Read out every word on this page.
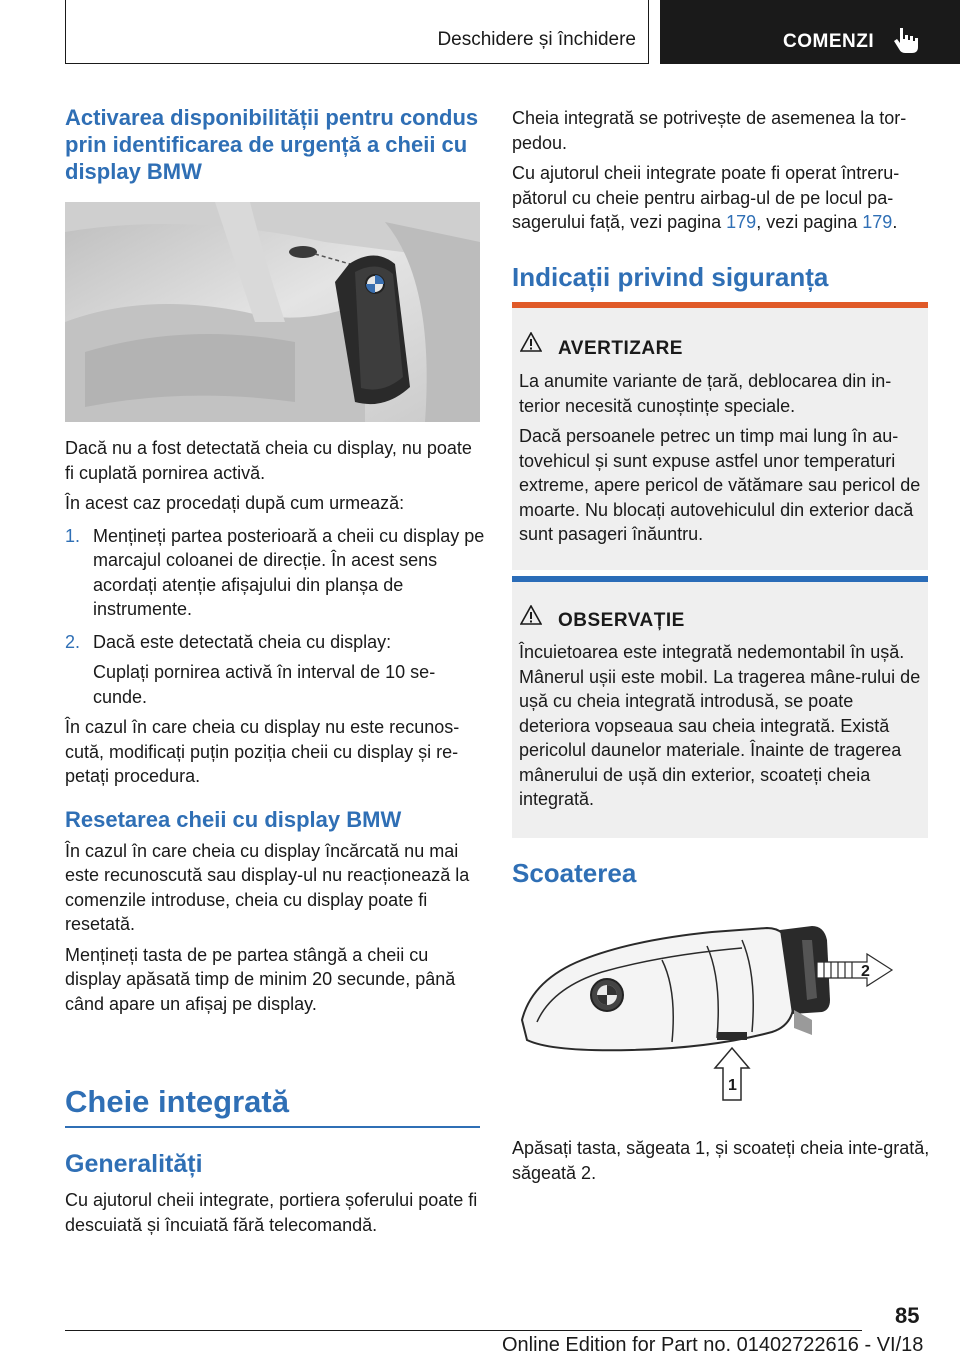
Deschidere și închidere	COMENZI
Activarea disponibilității pentru condus prin identificarea de urgență a cheii cu display BMW

Dacă nu a fost detectată cheia cu display, nu poate fi cuplată pornirea activă.

În acest caz procedați după cum urmează:

1. Mențineți partea posterioară a cheii cu display pe marcajul coloanei de direcție. În acest sens acordați atenție afișajului din planșa de instrumente.

2. Dacă este detectată cheia cu display:

Cuplați pornirea activă în interval de 10 se-cunde.

În cazul în care cheia cu display nu este recunos-cută, modificați puțin poziția cheii cu display și re-petați procedura.

Resetarea cheii cu display BMW

În cazul în care cheia cu display încărcată nu mai este recunoscută sau display-ul nu reacționează la comenzile introduse, cheia cu display poate fi resetată.

Mențineți tasta de pe partea stângă a cheii cu display apăsată timp de minim 20 secunde, până când apare un afișaj pe display.

Cheie integrată
Generalități

Cu ajutorul cheii integrate, portiera șoferului poate fi descuiată și încuiată fără telecomandă.

Cheia integrată se potrivește de asemenea la tor-pedou.

Cu ajutorul cheii integrate poate fi operat întreru-pătorul cu cheie pentru airbag-ul de pe locul pa-sagerului față, vezi pagina 179, vezi pagina 179.

Indicații privind siguranța
AVERTIZARE

La anumite variante de țară, deblocarea din in-terior necesită cunoștințe speciale.

Dacă persoanele petrec un timp mai lung în au-tovehicul și sunt expuse astfel unor temperaturi extreme, apere pericol de vătămare sau pericol de moarte. Nu blocați autovehiculul din exterior dacă sunt pasageri înăuntru.

OBSERVAȚIE

Încuietoarea este integrată nedemontabil în ușă. Mânerul ușii este mobil. La tragerea mâne-rului de ușă cu cheia integrată introdusă, se poate deteriora vopseaua sau cheia integrată. Există pericolul daunelor materiale. Înainte de tragerea mânerului de ușă din exterior, scoateți cheia integrată.

Scoaterea
2
1

Apăsați tasta, săgeata 1, și scoateți cheia inte-grată, săgeată 2.

85
Online Edition for Part no. 01402722616 - VI/18
